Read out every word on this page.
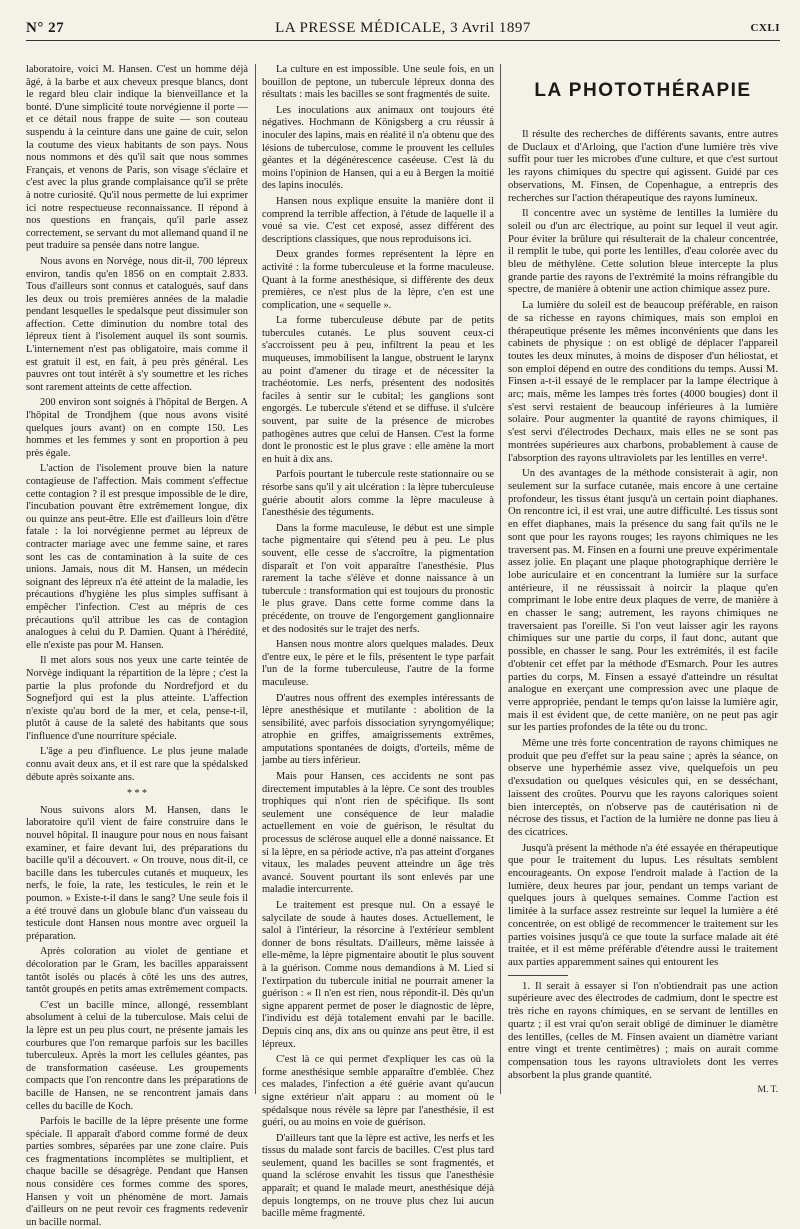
N° 27	LA PRESSE MÉDICALE, 3 Avril 1897	CXLI

laboratoire, voici M. Hansen. C'est un homme déjà âgé, à la barbe et aux cheveux presque blancs, dont le regard bleu clair indique la bienveillance et la bonté. D'une simplicité toute norvégienne il porte — et ce détail nous frappe de suite — son couteau suspendu à la ceinture dans une gaine de cuir, selon la coutume des vieux habitants de son pays. Nous nous nommons et dès qu'il sait que nous sommes Français, et venons de Paris, son visage s'éclaire et c'est avec la plus grande complaisance qu'il se prête à notre curiosité. Qu'il nous permette de lui exprimer ici notre respectueuse reconnaissance. Il répond à nos questions en français, qu'il parle assez correctement, se servant du mot allemand quand il ne peut traduire sa pensée dans notre langue.

Nous avons en Norvège, nous dit-il, 700 lépreux environ, tandis qu'en 1856 on en comptait 2.833. Tous d'ailleurs sont connus et catalogués, sauf dans les deux ou trois premières années de la maladie pendant lesquelles le spedalsque peut dissimuler son affection. Cette diminution du nombre total des lépreux tient à l'isolement auquel ils sont soumis. L'internement n'est pas obligatoire, mais comme il est gratuit il est, en fait, à peu près général. Les pauvres ont tout intérêt à s'y soumettre et les riches sont rarement atteints de cette affection.

200 environ sont soignés à l'hôpital de Bergen. A l'hôpital de Trondjhem (que nous avons visité quelques jours avant) on en compte 150. Les hommes et les femmes y sont en proportion à peu près égale.

L'action de l'isolement prouve bien la nature contagieuse de l'affection. Mais comment s'effectue cette contagion ? il est presque impossible de le dire, l'incubation pouvant être extrêmement longue, dix ou quinze ans peut-être. Elle est d'ailleurs loin d'être fatale : la loi norvégienne permet au lépreux de contracter mariage avec une femme saine, et rares sont les cas de contamination à la suite de ces unions. Jamais, nous dit M. Hansen, un médecin soignant des lépreux n'a été atteint de la maladie, les précautions d'hygiène les plus simples suffisant à empêcher l'infection. C'est au mépris de ces précautions qu'il attribue les cas de contagion analogues à celui du P. Damien. Quant à l'hérédité, elle n'existe pas pour M. Hansen.

Il met alors sous nos yeux une carte teintée de Norvège indiquant la répartition de la lèpre ; c'est la partie la plus profonde du Nordrefjord et du Sognefjord qui est la plus atteinte. L'affection n'existe qu'au bord de la mer, et cela, pense-t-il, plutôt à cause de la saleté des habitants que sous l'influence d'une nourriture spéciale.

L'âge a peu d'influence. Le plus jeune malade connu avait deux ans, et il est rare que la spédalsked débute après soixante ans.

* * *

Nous suivons alors M. Hansen, dans le laboratoire qu'il vient de faire construire dans le nouvel hôpital. Il inaugure pour nous en nous faisant examiner, et faire devant lui, des préparations du bacille qu'il a découvert. « On trouve, nous dit-il, ce bacille dans les tubercules cutanés et muqueux, les nerfs, le foie, la rate, les testicules, le rein et le poumon. » Existe-t-il dans le sang? Une seule fois il a été trouvé dans un globule blanc d'un vaisseau du testicule dont Hansen nous montre avec orgueil la préparation.

Après coloration au violet de gentiane et décoloration par le Gram, les bacilles apparaissent tantôt isolés ou placés à côté les uns des autres, tantôt groupés en petits amas extrêmement compacts.

C'est un bacille mince, allongé, ressemblant absolument à celui de la tuberculose. Mais celui de la lèpre est un peu plus court, ne présente jamais les courbures que l'on remarque parfois sur les bacilles tuberculeux. Après la mort les cellules géantes, pas de transformation caséeuse. Les groupements compacts que l'on rencontre dans les préparations de bacille de Hansen, ne se rencontrent jamais dans celles du bacille de Koch.

Parfois le bacille de la lèpre présente une forme spéciale. Il apparaît d'abord comme formé de deux parties sombres, séparées par une zone claire. Puis ces fragmentations incomplètes se multiplient, et chaque bacille se désagrège. Pendant que Hansen nous considère ces formes comme des spores, Hansen y voit un phénomène de mort. Jamais d'ailleurs on ne peut revoir ces fragments redevenir un bacille normal.

La culture en est impossible. Une seule fois, en un bouillon de peptone, un tubercule lépreux donna des résultats : mais les bacilles se sont fragmentés de suite.

Les inoculations aux animaux ont toujours été négatives. Hochmann de Königsberg a cru réussir à inoculer des lapins, mais en réalité il n'a obtenu que des lésions de tuberculose, comme le prouvent les cellules géantes et la dégénérescence caséeuse. C'est là du moins l'opinion de Hansen, qui a eu à Bergen la moitié des lapins inoculés.

Hansen nous explique ensuite la manière dont il comprend la terrible affection, à l'étude de laquelle il a voué sa vie. C'est cet exposé, assez différent des descriptions classiques, que nous reproduisons ici.

Deux grandes formes représentent la lèpre en activité : la forme tuberculeuse et la forme maculeuse. Quant à la forme anesthésique, si différente des deux premières, ce n'est plus de la lèpre, c'en est une complication, une « sequelle ».

La forme tuberculeuse débute par de petits tubercules cutanés. Le plus souvent ceux-ci s'accroissent peu à peu, infiltrent la peau et les muqueuses, immobilisent la langue, obstruent le larynx au point d'amener du tirage et de nécessiter la trachéotomie. Les nerfs, présentent des nodosités faciles à sentir sur le cubital; les ganglions sont engorgés. Le tubercule s'étend et se diffuse. il s'ulcère souvent, par suite de la présence de microbes pathogènes autres que celui de Hansen. C'est la forme dont le pronostic est le plus grave : elle amène la mort en huit à dix ans.

Parfois pourtant le tubercule reste stationnaire ou se résorbe sans qu'il y ait ulcération : la lèpre tuberculeuse guérie aboutit alors comme la lèpre maculeuse à l'anesthésie des téguments.

Dans la forme maculeuse, le début est une simple tache pigmentaire qui s'étend peu à peu. Le plus souvent, elle cesse de s'accroître, la pigmentation disparaît et l'on voit apparaître l'anesthésie. Plus rarement la tache s'élève et donne naissance à un tubercule : transformation qui est toujours du pronostic le plus grave. Dans cette forme comme dans la précédente, on trouve de l'engorgement ganglionnaire et des nodosités sur le trajet des nerfs.

Hansen nous montre alors quelques malades. Deux d'entre eux, le père et le fils, présentent le type parfait l'un de la forme tuberculeuse, l'autre de la forme maculeuse.

D'autres nous offrent des exemples intéressants de lèpre anesthésique et mutilante : abolition de la sensibilité, avec parfois dissociation syryngomyélique; atrophie en griffes, amaigrissements extrêmes, amputations spontanées de doigts, d'orteils, même de jambe au tiers inférieur.

Mais pour Hansen, ces accidents ne sont pas directement imputables à la lèpre. Ce sont des troubles trophiques qui n'ont rien de spécifique. Ils sont seulement une conséquence de leur maladie actuellement en voie de guérison, le résultat du processus de sclérose auquel elle a donné naissance. Et si la lèpre, en sa période active, n'a pas atteint d'organes vitaux, les malades peuvent atteindre un âge très avancé. Souvent pourtant ils sont enlevés par une maladie intercurrente.

Le traitement est presque nul. On a essayé le salycilate de soude à hautes doses. Actuellement, le salol à l'intérieur, la résorcine à l'extérieur semblent donner de bons résultats. D'ailleurs, même laissée à elle-même, la lèpre pigmentaire aboutit le plus souvent à la guérison. Comme nous demandions à M. Lied si l'extirpation du tubercule initial ne pourrait amener la guérison : « Il n'en est rien, nous répondit-il. Dès qu'un signe apparent permet de poser le diagnostic de lèpre, l'individu est déjà totalement envahi par le bacille. Depuis cinq ans, dix ans ou quinze ans peut être, il est lépreux.

C'est là ce qui permet d'expliquer les cas où la forme anesthésique semble apparaître d'emblée. Chez ces malades, l'infection a été guérie avant qu'aucun signe extérieur n'ait apparu : au moment où le spédalsque nous révèle sa lèpre par l'anesthésie, il est guéri, ou au moins en voie de guérison.

D'ailleurs tant que la lèpre est active, les nerfs et les tissus du malade sont farcis de bacilles. C'est plus tard seulement, quand les bacilles se sont fragmentés, et quand la sclérose envahit les tissus que l'anesthésie apparaît; et quand le malade meurt, anesthésique déjà depuis longtemps, on ne trouve plus chez lui aucun bacille même fragmenté.

LA PHOTOTHÉRAPIE

Il résulte des recherches de différents savants, entre autres de Duclaux et d'Arloing, que l'action d'une lumière très vive suffit pour tuer les microbes d'une culture, et que c'est surtout les rayons chimiques du spectre qui agissent. Guidé par ces observations, M. Finsen, de Copenhague, a entrepris des recherches sur l'action thérapeutique des rayons lumineux.

Il concentre avec un système de lentilles la lumière du soleil ou d'un arc électrique, au point sur lequel il veut agir. Pour éviter la brûlure qui résulterait de la chaleur concentrée, il remplit le tube, qui porte les lentilles, d'eau colorée avec du bleu de méthylène. Cette solution bleue intercepte la plus grande partie des rayons de l'extrémité la moins réfrangible du spectre, de manière à obtenir une action chimique assez pure.

La lumière du soleil est de beaucoup préférable, en raison de sa richesse en rayons chimiques, mais son emploi en thérapeutique présente les mêmes inconvénients que dans les cabinets de physique : on est obligé de déplacer l'appareil toutes les deux minutes, à moins de disposer d'un héliostat, et son emploi dépend en outre des conditions du temps. Aussi M. Finsen a-t-il essayé de le remplacer par la lampe électrique à arc; mais, même les lampes très fortes (4000 bougies) dont il s'est servi restaient de beaucoup inférieures à la lumière solaire. Pour augmenter la quantité de rayons chimiques, il s'est servi d'électrodes Dechaux, mais elles ne se sont pas montrées supérieures aux charbons, probablement à cause de l'absorption des rayons ultraviolets par les lentilles en verre¹.

Un des avantages de la méthode consisterait à agir, non seulement sur la surface cutanée, mais encore à une certaine profondeur, les tissus étant jusqu'à un certain point diaphanes. On rencontre ici, il est vrai, une autre difficulté. Les tissus sont en effet diaphanes, mais la présence du sang fait qu'ils ne le sont que pour les rayons rouges; les rayons chimiques ne les traversent pas. M. Finsen en a fourni une preuve expérimentale assez jolie. En plaçant une plaque photographique derrière le lobe auriculaire et en concentrant la lumière sur la surface antérieure, il ne réussissait à noircir la plaque qu'en comprimant le lobe entre deux plaques de verre, de manière à en chasser le sang; autrement, les rayons chimiques ne traversaient pas l'oreille. Si l'on veut laisser agir les rayons chimiques sur une partie du corps, il faut donc, autant que possible, en chasser le sang. Pour les extrémités, il est facile d'obtenir cet effet par la méthode d'Esmarch. Pour les autres parties du corps, M. Finsen a essayé d'atteindre un résultat analogue en exerçant une compression avec une plaque de verre appropriée, pendant le temps qu'on laisse la lumière agir, mais il est évident que, de cette manière, on ne peut pas agir sur les parties profondes de la tête ou du tronc.

Même une très forte concentration de rayons chimiques ne produit que peu d'effet sur la peau saine ; après la séance, on observe une hyperhémie assez vive, quelquefois un peu d'exsudation ou quelques vésicules qui, en se desséchant, laissent des croûtes. Pourvu que les rayons caloriques soient bien interceptés, on n'observe pas de cautérisation ni de nécrose des tissus, et l'action de la lumière ne donne pas lieu à des cicatrices.

Jusqu'à présent la méthode n'a été essayée en thérapeutique que pour le traitement du lupus. Les résultats semblent encourageants. On expose l'endroit malade à l'action de la lumière, deux heures par jour, pendant un temps variant de quelques jours à quelques semaines. Comme l'action est limitée à la surface assez restreinte sur lequel la lumière a été concentrée, on est obligé de recommencer le traitement sur les parties voisines jusqu'à ce que toute la surface malade ait été traitée, et il est même préférable d'étendre aussi le traitement aux parties apparemment saines qui entourent les

1. Il serait à essayer si l'on n'obtiendrait pas une action supérieure avec des électrodes de cadmium, dont le spectre est très riche en rayons chimiques, en se servant de lentilles en quartz ; il est vrai qu'on serait obligé de diminuer le diamètre des lentilles, (celles de M. Finsen avaient un diamètre variant entre vingt et trente centimètres) ; mais on aurait comme compensation tous les rayons ultraviolets dont les verres absorbent la plus grande quantité.

M. T.
